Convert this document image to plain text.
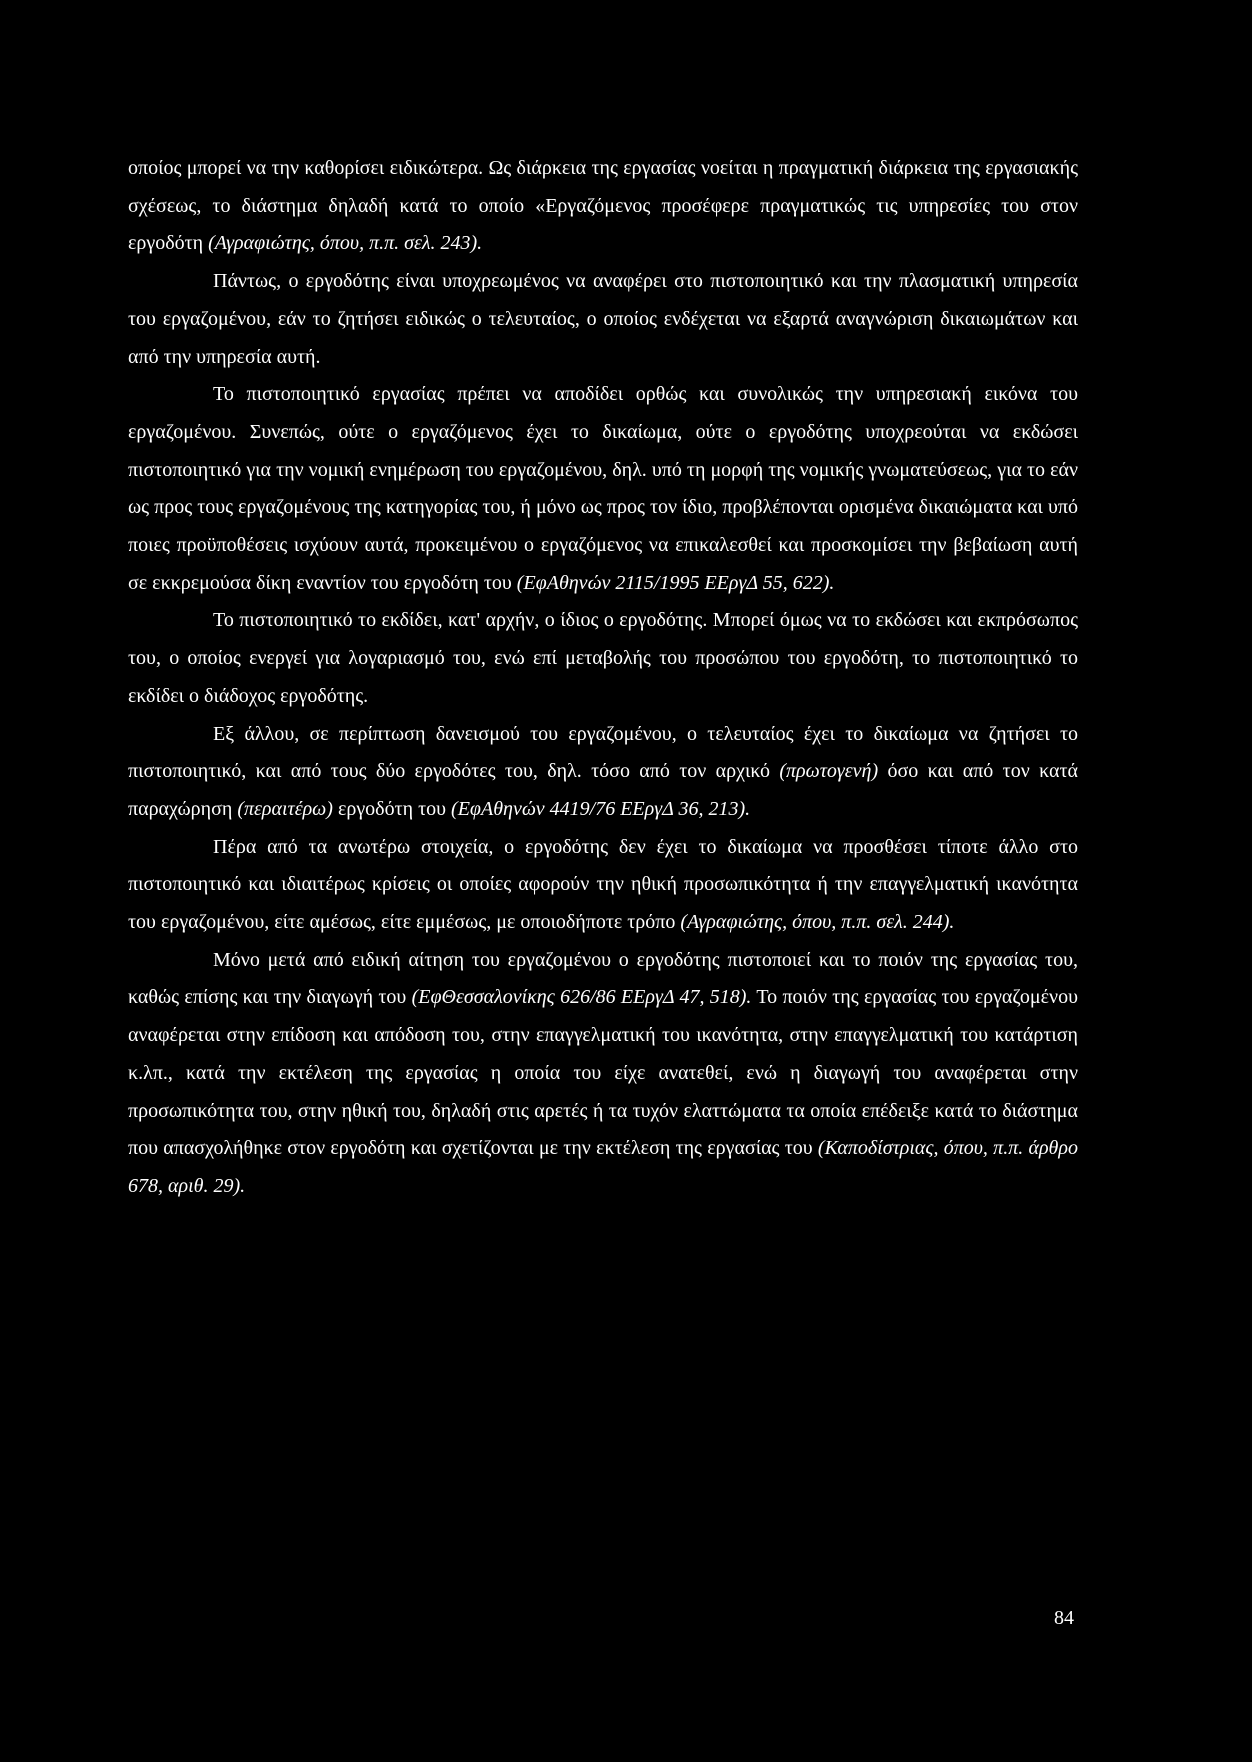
οποίος μπορεί να την καθορίσει ειδικώτερα. Ως διάρκεια της εργασίας νοείται η πραγματική διάρκεια της εργασιακής σχέσεως, το διάστημα δηλαδή κατά το οποίο «Εργαζόμενος προσέφερε πραγματικώς τις υπηρεσίες του στον εργοδότη (Αγραφιώτης, όπου, π.π. σελ. 243).

Πάντως, ο εργοδότης είναι υποχρεωμένος να αναφέρει στο πιστοποιητικό και την πλασματική υπηρεσία του εργαζομένου, εάν το ζητήσει ειδικώς ο τελευταίος, ο οποίος ενδέχεται να εξαρτά αναγνώριση δικαιωμάτων και από την υπηρεσία αυτή.

Το πιστοποιητικό εργασίας πρέπει να αποδίδει ορθώς και συνολικώς την υπηρεσιακή εικόνα του εργαζομένου. Συνεπώς, ούτε ο εργαζόμενος έχει το δικαίωμα, ούτε ο εργοδότης υποχρεούται να εκδώσει πιστοποιητικό για την νομική ενημέρωση του εργαζομένου, δηλ. υπό τη μορφή της νομικής γνωματεύσεως, για το εάν ως προς τους εργαζομένους της κατηγορίας του, ή μόνο ως προς τον ίδιο, προβλέπονται ορισμένα δικαιώματα και υπό ποιες προϋποθέσεις ισχύουν αυτά, προκειμένου ο εργαζόμενος να επικαλεσθεί και προσκομίσει την βεβαίωση αυτή σε εκκρεμούσα δίκη εναντίον του εργοδότη του (ΕφΑθηνών 2115/1995 ΕΕργΔ 55, 622).

Το πιστοποιητικό το εκδίδει, κατ' αρχήν, ο ίδιος ο εργοδότης. Μπορεί όμως να το εκδώσει και εκπρόσωπος του, ο οποίος ενεργεί για λογαριασμό του, ενώ επί μεταβολής του προσώπου του εργοδότη, το πιστοποιητικό το εκδίδει ο διάδοχος εργοδότης.

Εξ άλλου, σε περίπτωση δανεισμού του εργαζομένου, ο τελευταίος έχει το δικαίωμα να ζητήσει το πιστοποιητικό, και από τους δύο εργοδότες του, δηλ. τόσο από τον αρχικό (πρωτογενή) όσο και από τον κατά παραχώρηση (περαιτέρω) εργοδότη του (ΕφΑθηνών 4419/76 ΕΕργΔ 36, 213).

Πέρα από τα ανωτέρω στοιχεία, ο εργοδότης δεν έχει το δικαίωμα να προσθέσει τίποτε άλλο στο πιστοποιητικό και ιδιαιτέρως κρίσεις οι οποίες αφορούν την ηθική προσωπικότητα ή την επαγγελματική ικανότητα του εργαζομένου, είτε αμέσως, είτε εμμέσως, με οποιοδήποτε τρόπο (Αγραφιώτης, όπου, π.π. σελ. 244).

Μόνο μετά από ειδική αίτηση του εργαζομένου ο εργοδότης πιστοποιεί και το ποιόν της εργασίας του, καθώς επίσης και την διαγωγή του (ΕφΘεσσαλονίκης 626/86 ΕΕργΔ 47, 518). Το ποιόν της εργασίας του εργαζομένου αναφέρεται στην επίδοση και απόδοση του, στην επαγγελματική του ικανότητα, στην επαγγελματική του κατάρτιση κ.λπ., κατά την εκτέλεση της εργασίας η οποία του είχε ανατεθεί, ενώ η διαγωγή του αναφέρεται στην προσωπικότητα του, στην ηθική του, δηλαδή στις αρετές ή τα τυχόν ελαττώματα τα οποία επέδειξε κατά το διάστημα που απασχολήθηκε στον εργοδότη και σχετίζονται με την εκτέλεση της εργασίας του (Καποδίστριας, όπου, π.π. άρθρο 678, αριθ. 29).

84
